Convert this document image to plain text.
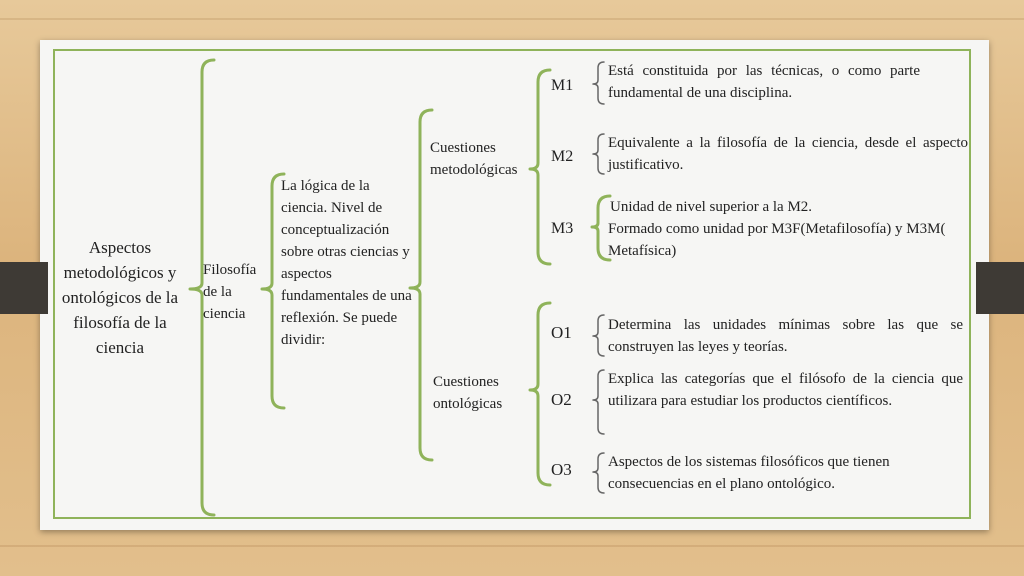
Aspectos metodológicos y ontológicos de la filosofía de la ciencia
Filosofía de la ciencia
La lógica de la ciencia. Nivel de conceptualización sobre otras ciencias y aspectos fundamentales de una reflexión. Se puede dividir:
Cuestiones metodológicas
Cuestiones ontológicas
M1
M2
M3
O1
O2
O3
Está constituida por las técnicas, o como parte fundamental de una disciplina.
Equivalente a la filosofía de la ciencia, desde el aspecto justificativo.
Unidad de nivel superior a la M2.
Formado como unidad por M3F(Metafilosofía) y M3M( Metafísica)
Determina las unidades mínimas sobre las que se construyen las leyes y teorías.
Explica las categorías que el filósofo de la ciencia que utilizara para estudiar los productos científicos.
Aspectos de los sistemas filosóficos que tienen consecuencias en el plano ontológico.
